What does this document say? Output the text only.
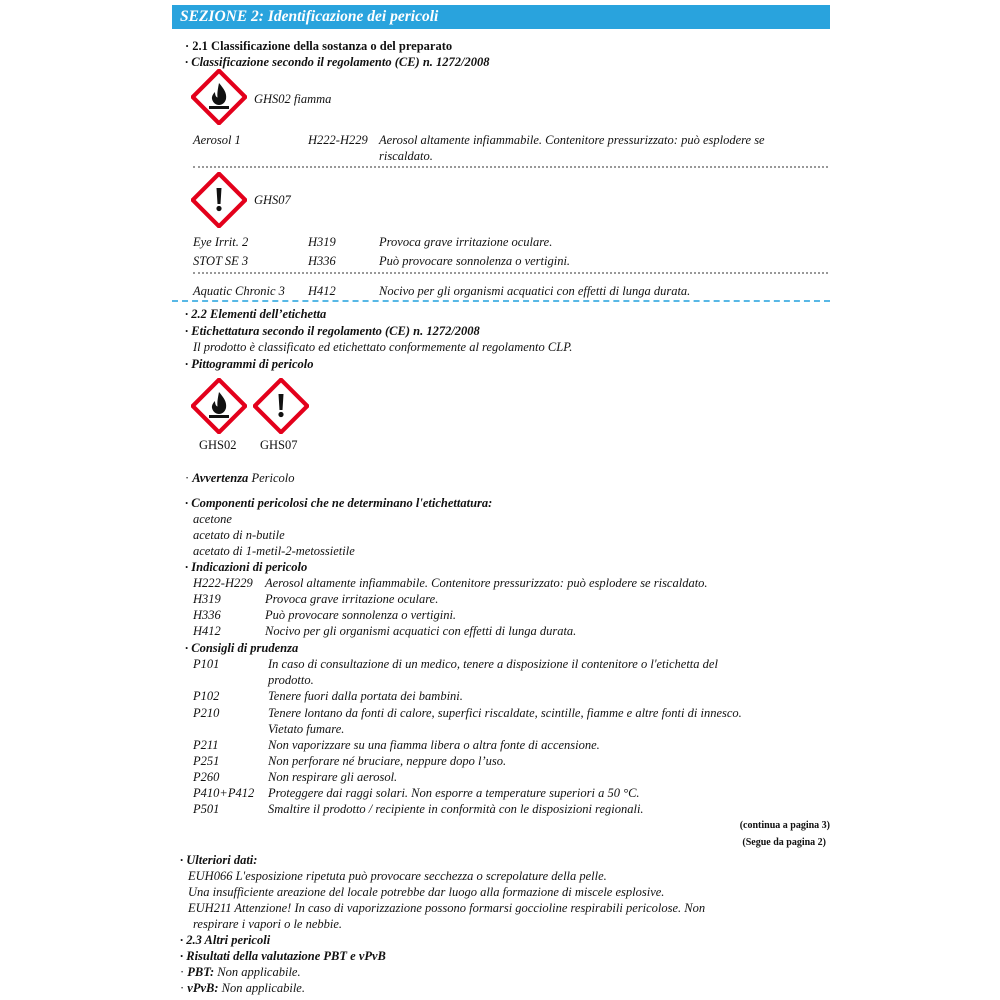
SEZIONE 2: Identificazione dei pericoli
· 2.1 Classificazione della sostanza o del preparato
· Classificazione secondo il regolamento (CE) n. 1272/2008
GHS02 fiamma
Aerosol 1	H222-H229 Aerosol altamente infiammabile. Contenitore pressurizzato: può esplodere se
riscaldato.
GHS07
Eye Irrit. 2	H319	Provoca grave irritazione oculare.
STOT SE 3	H336	Può provocare sonnolenza o vertigini.
Aquatic Chronic 3 H412	Nocivo per gli organismi acquatici con effetti di lunga durata.
· 2.2 Elementi dell’etichetta
· Etichettatura secondo il regolamento (CE) n. 1272/2008
Il prodotto è classificato ed etichettato conformemente al regolamento CLP.
· Pittogrammi di pericolo
GHS02 GHS07
· Avvertenza Pericolo
· Componenti pericolosi che ne determinano l'etichettatura:
acetone
acetato di n-butile
acetato di 1-metil-2-metossietile
· Indicazioni di pericolo
H222-H229 Aerosol altamente infiammabile. Contenitore pressurizzato: può esplodere se riscaldato.
H319	Provoca grave irritazione oculare.
H336	Può provocare sonnolenza o vertigini.
H412	Nocivo per gli organismi acquatici con effetti di lunga durata.
· Consigli di prudenza
P101	In caso di consultazione di un medico, tenere a disposizione il contenitore o l'etichetta del
prodotto.
P102	Tenere fuori dalla portata dei bambini.
P210	Tenere lontano da fonti di calore, superfici riscaldate, scintille, fiamme e altre fonti di innesco.
Vietato fumare.
P211	Non vaporizzare su una fiamma libera o altra fonte di accensione.
P251	Non perforare né bruciare, neppure dopo l’uso.
P260	Non respirare gli aerosol.
P410+P412 Proteggere dai raggi solari. Non esporre a temperature superiori a 50 °C.
P501	Smaltire il prodotto / recipiente in conformità con le disposizioni regionali.
(continua a pagina 3)
(Segue da pagina 2)
· Ulteriori dati:
EUH066 L'esposizione ripetuta può provocare secchezza o screpolature della pelle.
Una insufficiente areazione del locale potrebbe dar luogo alla formazione di miscele esplosive.
EUH211 Attenzione! In caso di vaporizzazione possono formarsi goccioline respirabili pericolose. Non
respirare i vapori o le nebbie.
· 2.3 Altri pericoli
· Risultati della valutazione PBT e vPvB
· PBT: Non applicabile.
· vPvB: Non applicabile.
